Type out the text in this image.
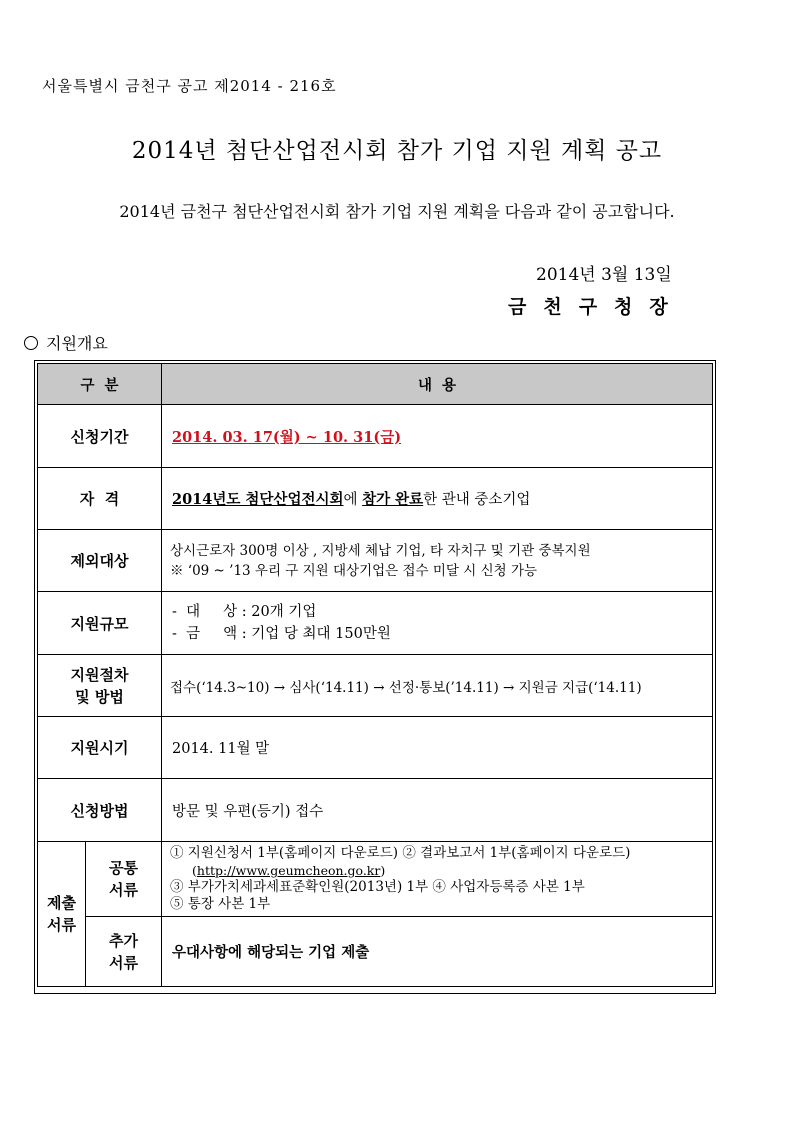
서울특별시 금천구 공고 제2014 - 216호
2014년 첨단산업전시회 참가 기업 지원 계획 공고
2014년 금천구 첨단산업전시회 참가 기업 지원 계획을 다음과 같이 공고합니다.
2014년 3월 13일
금천구청장
지원개요
구  분		내  용
신청기간		2014. 03. 17(월) ~ 10. 31(금)
자  격		2014년도 첨단산업전시회에 참가 완료한 관내 중소기업
제외대상		상시근로자 300명 이상 , 지방세 체납 기업, 타 자치구 및 기관 중복지원
※ ‘09 ~ ’13 우리 구 지원 대상기업은 접수 미달 시 신청 가능

지원규모		-  대     상 : 20개 기업
-  금     액 : 기업 당 최대 150만원

지원절차
및 방법		접수(‘14.3~10) → 심사(‘14.11) → 선정·통보(’14.11) → 지원금 지급(‘14.11)
지원시기		2014. 11월 말
신청방법		방문 및 우편(등기) 접수

제출서류	공통서류	① 지원신청서 1부(홈페이지 다운로드) ② 결과보고서 1부(홈페이지 다운로드)
(http://www.geumcheon.go.kr)
③ 부가가치세과세표준확인원(2013년) 1부 ④ 사업자등록증 사본 1부
⑤ 통장 사본 1부

	추가서류	우대사항에 해당되는 기업 제출
